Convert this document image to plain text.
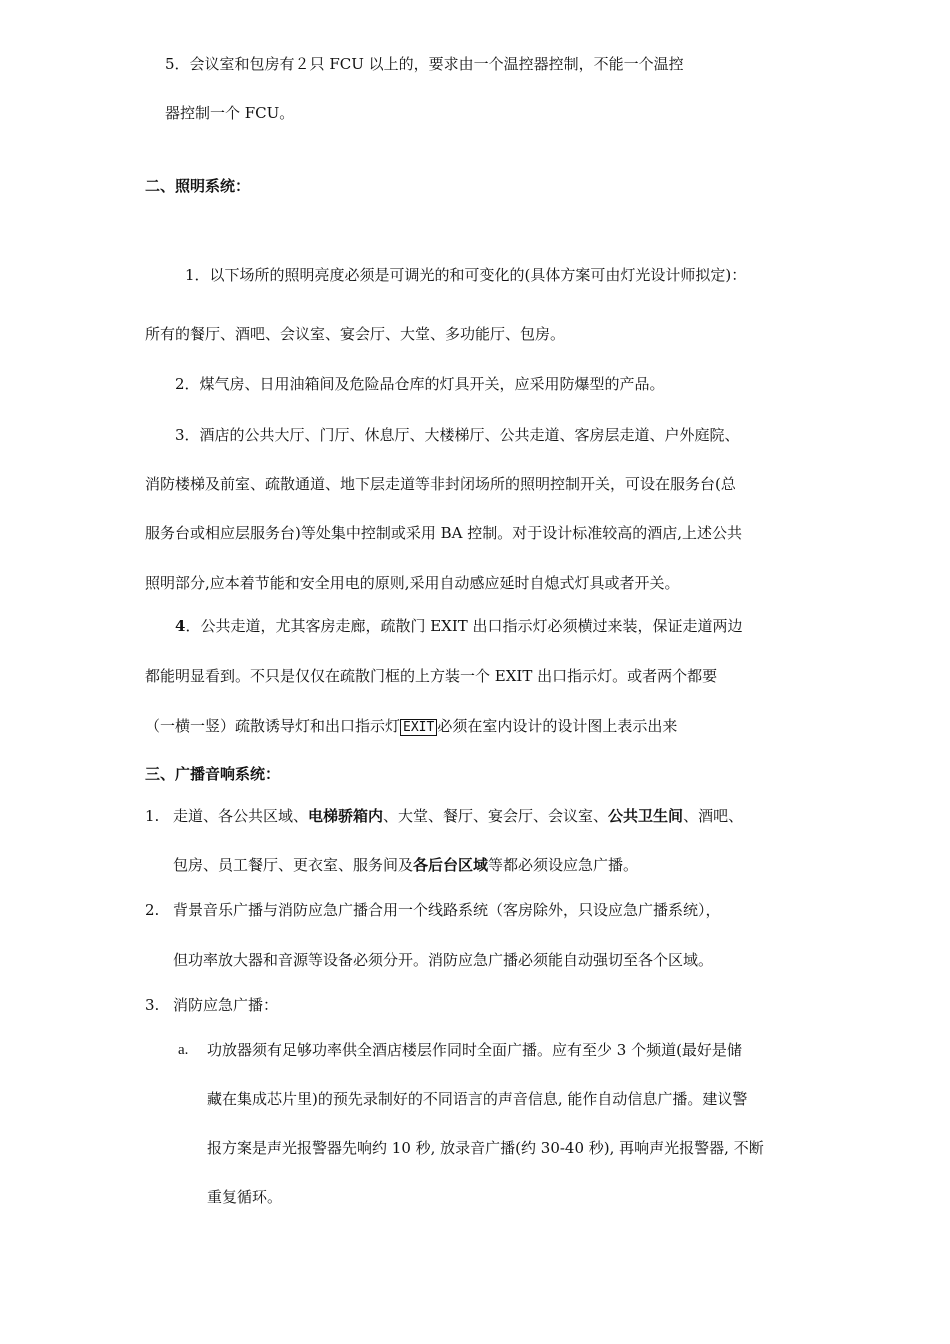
5．会议室和包房有２只 FCU 以上的，要求由一个温控器控制，不能一个温控
器控制一个 FCU。
二、照明系统：
1．以下场所的照明亮度必须是可调光的和可变化的(具体方案可由灯光设计师拟定)：
所有的餐厅、酒吧、会议室、宴会厅、大堂、多功能厅、包房。
2．煤气房、日用油箱间及危险品仓库的灯具开关，应采用防爆型的产品。
3．酒店的公共大厅、门厅、休息厅、大楼梯厅、公共走道、客房层走道、户外庭院、
消防楼梯及前室、疏散通道、地下层走道等非封闭场所的照明控制开关，可设在服务台(总
服务台或相应层服务台)等处集中控制或采用 BA 控制。对于设计标准较高的酒店,上述公共
照明部分,应本着节能和安全用电的原则,采用自动感应延时自熄式灯具或者开关。
4．公共走道，尤其客房走廊，疏散门 EXIT 出口指示灯必须横过来装，保证走道两边
都能明显看到。不只是仅仅在疏散门框的上方装一个 EXIT 出口指示灯。或者两个都要
（一横一竖）疏散诱导灯和出口指示灯 EXIT 必须在室内设计的设计图上表示出来
三、广播音响系统：
1. 走道、各公共区域、电梯骄箱内、大堂、餐厅、宴会厅、会议室、公共卫生间、酒吧、
包房、员工餐厅、更衣室、服务间及各后台区域等都必须设应急广播。
2. 背景音乐广播与消防应急广播合用一个线路系统（客房除外，只设应急广播系统），
但功率放大器和音源等设备必须分开。消防应急广播必须能自动强切至各个区域。
3. 消防应急广播：
a. 功放器须有足够功率供全酒店楼层作同时全面广播。应有至少 3 个频道(最好是储
藏在集成芯片里)的预先录制好的不同语言的声音信息, 能作自动信息广播。建议警
报方案是声光报警器先响约 10 秒, 放录音广播(约 30-40 秒), 再响声光报警器, 不断
重复循环。
